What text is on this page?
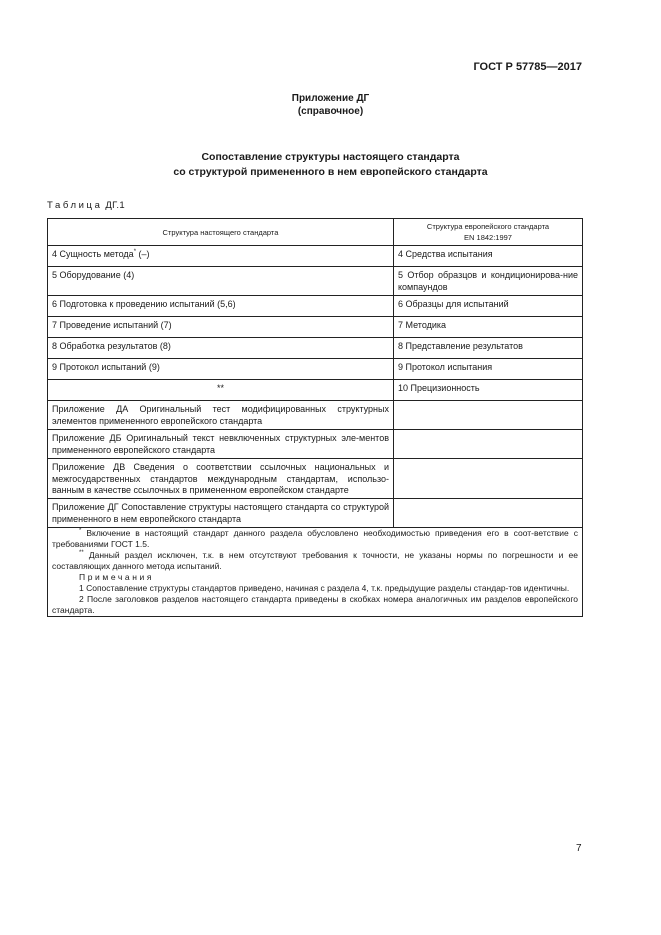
ГОСТ Р 57785—2017
Приложение ДГ
(справочное)
Сопоставление структуры настоящего стандарта
со структурой примененного в нем европейского стандарта
Таблица ДГ.1
Структура настоящего стандарта	Структура европейского стандарта
EN 1842:1997

4 Сущность метода* (–)	4 Средства испытания
5 Оборудование (4)	5 Отбор образцов и кондиционирова-ние компаундов
6 Подготовка к проведению испытаний (5,6)	6 Образцы для испытаний
7 Проведение испытаний (7)	7 Методика
8 Обработка результатов (8)	8 Представление результатов
9 Протокол испытаний (9)	9 Протокол испытания
**	10 Прецизионность
Приложение ДА Оригинальный тест модифицированных структурных элементов примененного европейского стандарта	
Приложение ДБ Оригинальный текст невключенных структурных эле-ментов примененного европейского стандарта	
Приложение ДВ Сведения о соответствии ссылочных национальных и межгосударственных стандартов международным стандартам, использо-ванным в качестве ссылочных в примененном европейском стандарте	
Приложение ДГ Сопоставление структуры настоящего стандарта со структурой примененного в нем европейского стандарта	

* Включение в настоящий стандарт данного раздела обусловлено необходимостью приведения его в соот-ветствие с требованиями ГОСТ 1.5.

** Данный раздел исключен, т.к. в нем отсутствуют требования к точности, не указаны нормы по погрешности и ее составляющих данного метода испытаний.

Примечания

1 Сопоставление структуры стандартов приведено, начиная с раздела 4, т.к. предыдущие разделы стандар-тов идентичны.

2 После заголовков разделов настоящего стандарта приведены в скобках номера аналогичных им разделов европейского стандарта.	

7
